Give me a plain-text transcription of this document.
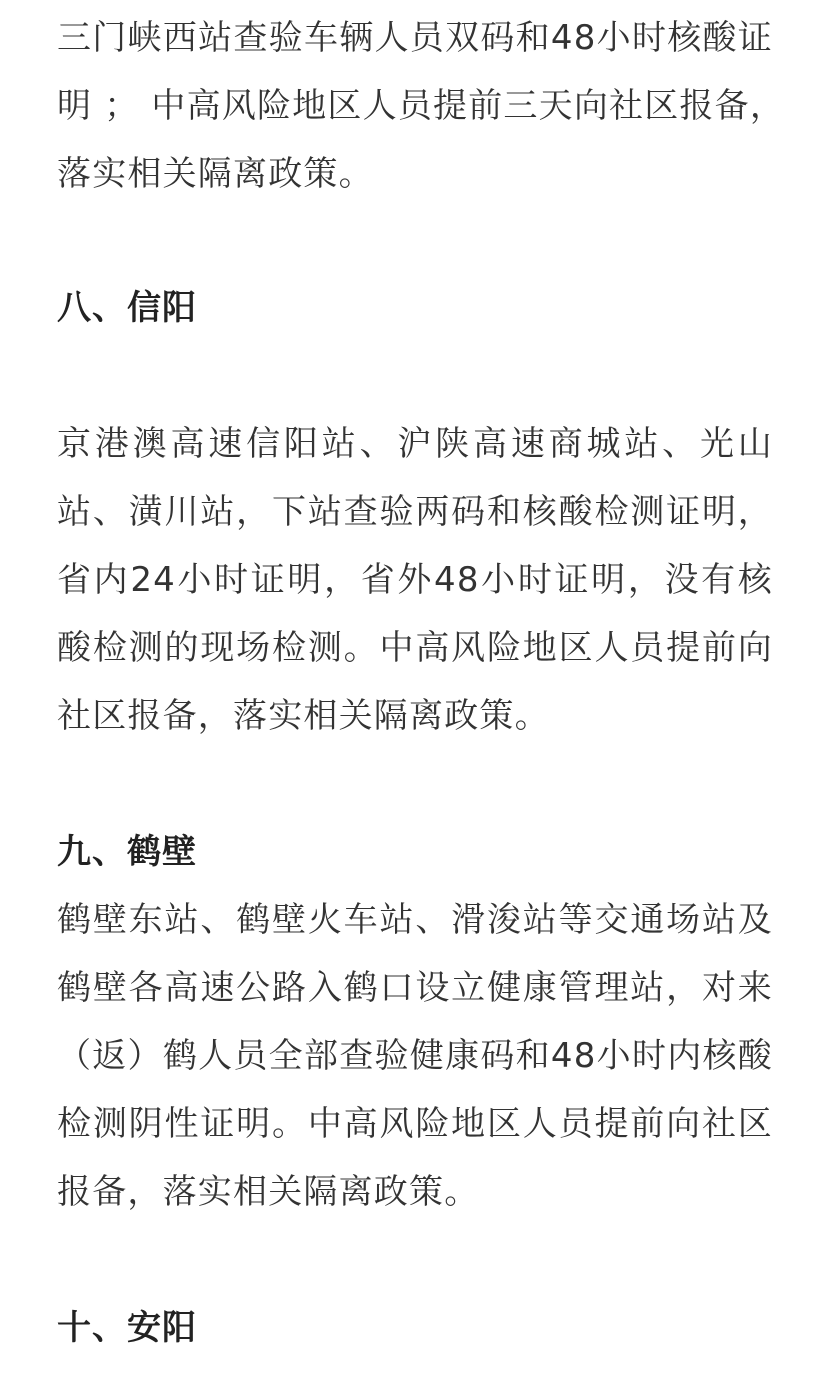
三门峡西站查验车辆人员双码和48小时核酸证
明 ； 中高风险地区人员提前三天向社区报备，
落实相关隔离政策。
八、信阳
京港澳高速信阳站、沪陕高速商城站、光山
站、潢川站，下站查验两码和核酸检测证明，
省内24小时证明，省外48小时证明，没有核
酸检测的现场检测。中高风险地区人员提前向
社区报备，落实相关隔离政策。
九、鹤壁
鹤壁东站、鹤壁火车站、滑浚站等交通场站及
鹤壁各高速公路入鹤口设立健康管理站，对来
（返）鹤人员全部查验健康码和48小时内核酸
检测阴性证明。中高风险地区人员提前向社区
报备，落实相关隔离政策。
十、安阳
